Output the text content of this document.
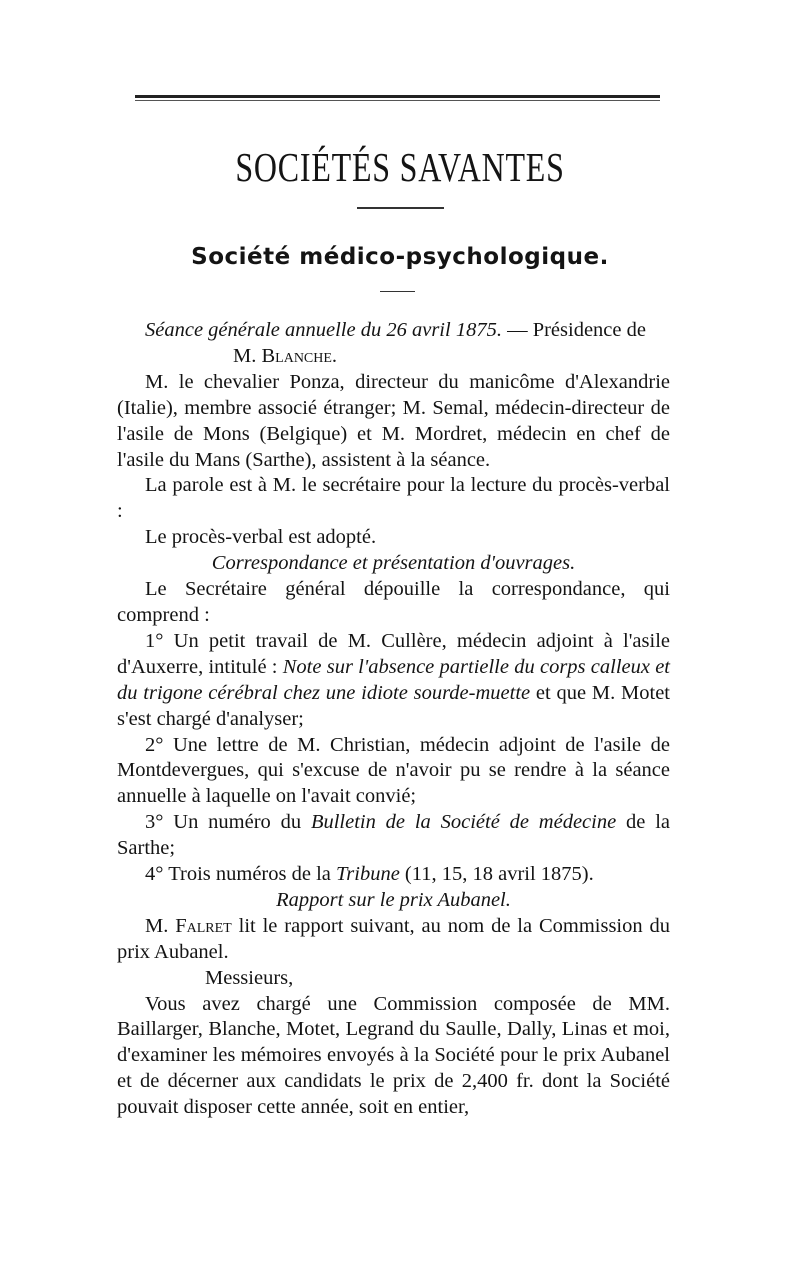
SOCIÉTÉS SAVANTES
Société médico-psychologique.

Séance générale annuelle du 26 avril 1875. — Présidence de
M. Blanche.

M. le chevalier Ponza, directeur du manicôme d'Alexandrie (Italie), membre associé étranger; M. Semal, médecin-directeur de l'asile de Mons (Belgique) et M. Mordret, médecin en chef de l'asile du Mans (Sarthe), assistent à la séance.

La parole est à M. le secrétaire pour la lecture du procès-verbal :

Le procès-verbal est adopté.

Correspondance et présentation d'ouvrages.

Le Secrétaire général dépouille la correspondance, qui comprend :

1° Un petit travail de M. Cullère, médecin adjoint à l'asile d'Auxerre, intitulé : Note sur l'absence partielle du corps calleux et du trigone cérébral chez une idiote sourde-muette et que M. Motet s'est chargé d'analyser;

2° Une lettre de M. Christian, médecin adjoint de l'asile de Montdevergues, qui s'excuse de n'avoir pu se rendre à la séance annuelle à laquelle on l'avait convié;

3° Un numéro du Bulletin de la Société de médecine de la Sarthe;

4° Trois numéros de la Tribune (11, 15, 18 avril 1875).

Rapport sur le prix Aubanel.

M. Falret lit le rapport suivant, au nom de la Commission du prix Aubanel.

Messieurs,

Vous avez chargé une Commission composée de MM. Baillarger, Blanche, Motet, Legrand du Saulle, Dally, Linas et moi, d'examiner les mémoires envoyés à la Société pour le prix Aubanel et de décerner aux candidats le prix de 2,400 fr. dont la Société pouvait disposer cette année, soit en entier,
